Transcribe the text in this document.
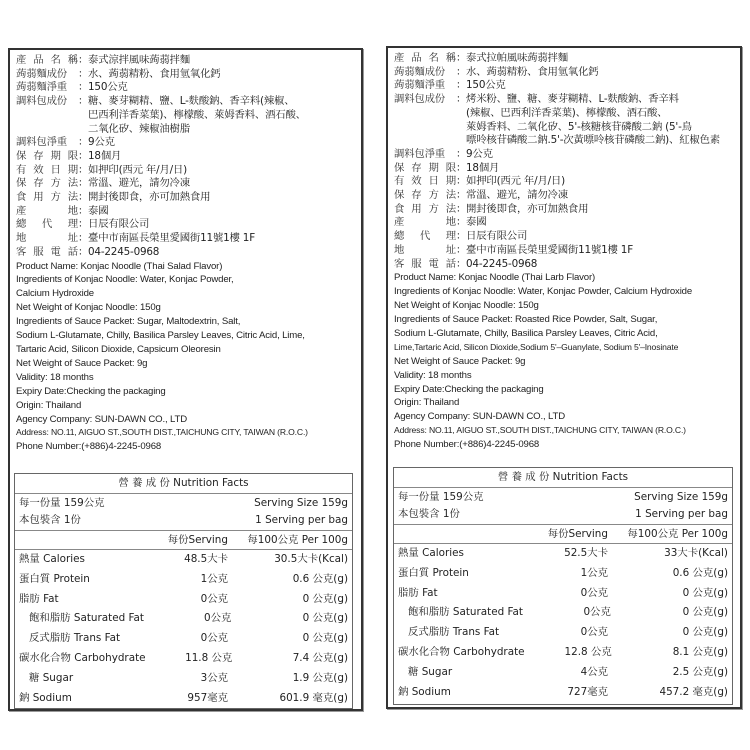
產 品 名 稱 ： 泰式涼拌風味蒟蒻拌麵
蒟蒻麵成份 ： 水、蒟蒻精粉、食用氫氧化鈣
蒟蒻麵淨重 ： 150公克
調料包成份 ： 糖、麥芽糊精、鹽、L-麩酸鈉、香辛料(辣椒、
巴西利洋香菜葉)、檸檬酸、萊姆香料、酒石酸、
二氧化矽、辣椒油樹脂
調料包淨重 ： 9公克
保 存 期 限 ： 18個月
有 效 日 期 ： 如押印(西元 年/月/日)
保 存 方 法 ： 常溫、避光，請勿冷凍
食 用 方 法 ： 開封後即食，亦可加熱食用
產	地 ： 泰國
總 代 理 ： 日辰有限公司
地	址 ： 臺中市南區長榮里愛國街11號1樓 1F
客 服 電 話 ： 04-2245-0968
Product Name: Konjac Noodle (Thai Salad Flavor)
Ingredients of Konjac Noodle: Water, Konjac Powder,
Calcium Hydroxide
Net Weight of Konjac Noodle: 150g
Ingredients of Sauce Packet: Sugar, Maltodextrin, Salt,
Sodium L-Glutamate, Chilly, Basilica Parsley Leaves, Citric Acid, Lime,
Tartaric Acid, Silicon Dioxide, Capsicum Oleoresin
Net Weight of Sauce Packet: 9g
Validity: 18 months
Expiry Date:Checking the packaging
Origin: Thailand
Agency Company: SUN-DAWN CO., LTD
Address: NO.11, AIGUO ST.,SOUTH DIST.,TAICHUNG CITY, TAIWAN (R.O.C.)
Phone Number:(+886)4-2245-0968
營 養 成 份 Nutrition Facts
每一份量 159公克	Serving Size 159g
本包裝含 1份	1 Serving per bag
每份Serving	每100公克 Per 100g
熱量 Calories	48.5大卡	30.5大卡(Kcal)
蛋白質 Protein	1公克	0.6 公克(g)
脂肪 Fat	0公克	0 公克(g)
飽和脂肪 Saturated Fat	0公克	0 公克(g)
反式脂肪 Trans Fat	0公克	0 公克(g)
碳水化合物 Carbohydrate	11.8 公克	7.4 公克(g)
糖 Sugar	3公克	1.9 公克(g)
鈉 Sodium	957毫克	601.9 毫克(g)
產 品 名 稱 ： 泰式拉帕風味蒟蒻拌麵
蒟蒻麵成份 ： 水、蒟蒻精粉、食用氫氧化鈣
蒟蒻麵淨重 ： 150公克
調料包成份 ： 烤米粉、鹽、糖、麥芽糊精、L-麩酸鈉、香辛料
(辣椒、巴西利洋香菜葉)、檸檬酸、酒石酸、
萊姆香料、二氧化矽、5'-核糖核苷磷酸二鈉 (5'-鳥
嘌呤核苷磷酸二鈉.5'-次黃嘌呤核苷磷酸二鈉)、紅椒色素
調料包淨重 ： 9公克
保 存 期 限 ： 18個月
有 效 日 期 ： 如押印(西元 年/月/日)
保 存 方 法 ： 常溫、避光，請勿冷凍
食 用 方 法 ： 開封後即食，亦可加熱食用
產	地 ： 泰國
總 代 理 ： 日辰有限公司
地	址 ： 臺中市南區長榮里愛國街11號1樓 1F
客 服 電 話 ： 04-2245-0968
Product Name: Konjac Noodle (Thai Larb Flavor)
Ingredients of Konjac Noodle: Water, Konjac Powder, Calcium Hydroxide
Net Weight of Konjac Noodle: 150g
Ingredients of Sauce Packet: Roasted Rice Powder, Salt, Sugar,
Sodium L-Glutamate, Chilly, Basilica Parsley Leaves, Citric Acid,
Lime,Tartaric Acid, Silicon Dioxide,Sodium 5'–Guanylate, Sodium 5'–Inosinate
Net Weight of Sauce Packet: 9g
Validity: 18 months
Expiry Date:Checking the packaging
Origin: Thailand
Agency Company: SUN-DAWN CO., LTD
Address: NO.11, AIGUO ST.,SOUTH DIST.,TAICHUNG CITY, TAIWAN (R.O.C.)
Phone Number:(+886)4-2245-0968
營 養 成 份 Nutrition Facts
每一份量 159公克	Serving Size 159g
本包裝含 1份	1 Serving per bag
每份Serving	每100公克 Per 100g
熱量 Calories	52.5大卡	33大卡(Kcal)
蛋白質 Protein	1公克	0.6 公克(g)
脂肪 Fat	0公克	0 公克(g)
飽和脂肪 Saturated Fat	0公克	0 公克(g)
反式脂肪 Trans Fat	0公克	0 公克(g)
碳水化合物 Carbohydrate	12.8 公克	8.1 公克(g)
糖 Sugar	4公克	2.5 公克(g)
鈉 Sodium	727毫克	457.2 毫克(g)
